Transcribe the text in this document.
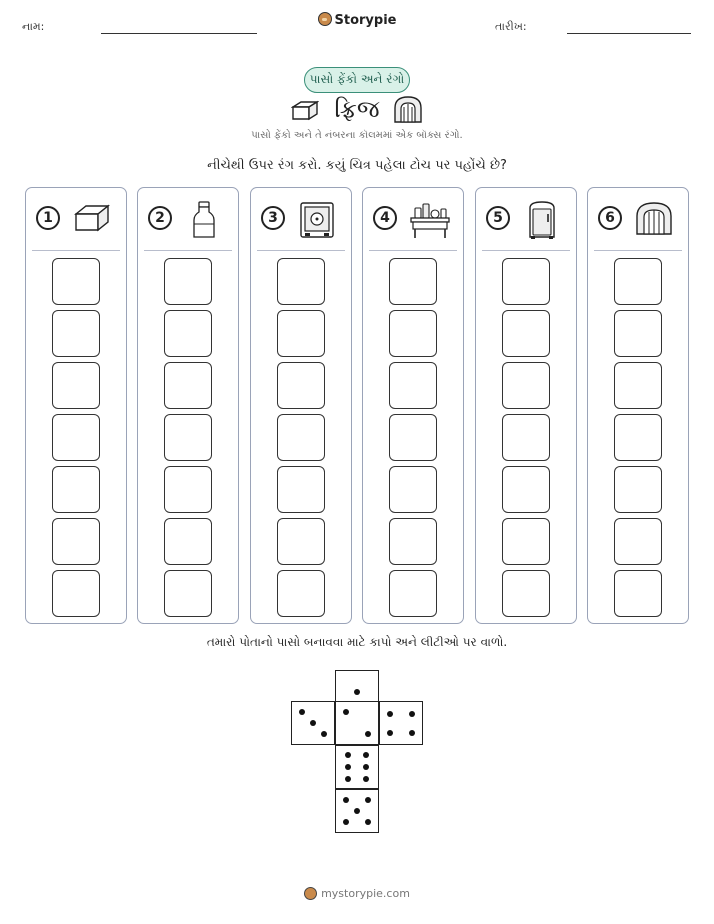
નામ:	Storypie	તારીખ:
પાસો ફેંકો અને રંગો
ફ્રિજ
પાસો ફેંકો અને તે નંબરના કૉલમમાં એક બૉક્સ રંગો.
નીચેથી ઉપર રંગ કરો. કયું ચિત્ર પહેલા ટોચ પર પહોંચે છે?
1	2	3	4	5	6
તમારો પોતાનો પાસો બનાવવા માટે કાપો અને લીટીઓ પર વાળો.
mystorypie.com
